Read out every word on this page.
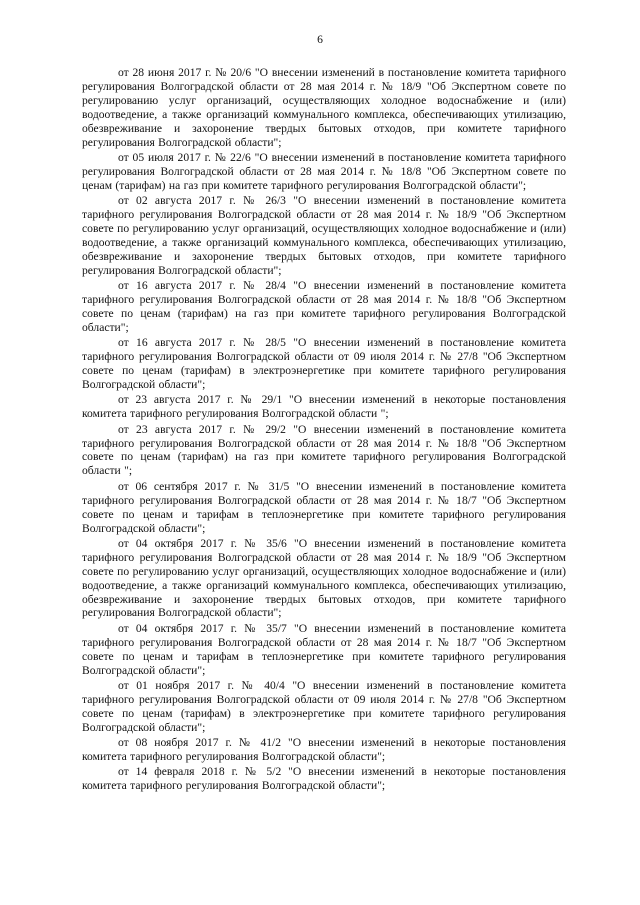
6

от 28 июня 2017 г. № 20/6 "О внесении изменений в постановление комитета тарифного регулирования Волгоградской области от 28 мая 2014 г. № 18/9 "Об Экспертном совете по регулированию услуг организаций, осуществляющих холодное водоснабжение и (или) водоотведение, а также организаций коммунального комплекса, обеспечивающих утилизацию, обезвреживание и захоронение твердых бытовых отходов, при комитете тарифного регулирования Волгоградской области";

от 05 июля 2017 г. № 22/6 "О внесении изменений в постановление комитета тарифного регулирования Волгоградской области от 28 мая 2014 г. № 18/8 "Об Экспертном совете по ценам (тарифам) на газ при комитете тарифного регулирования Волгоградской области";

от 02 августа 2017 г. № 26/3 "О внесении изменений в постановление комитета тарифного регулирования Волгоградской области от 28 мая 2014 г. № 18/9 "Об Экспертном совете по регулированию услуг организаций, осуществляющих холодное водоснабжение и (или) водоотведение, а также организаций коммунального комплекса, обеспечивающих утилизацию, обезвреживание и захоронение твердых бытовых отходов, при комитете тарифного регулирования Волгоградской области";

от 16 августа 2017 г. № 28/4 "О внесении изменений в постановление комитета тарифного регулирования Волгоградской области от 28 мая 2014 г. № 18/8 "Об Экспертном совете по ценам (тарифам) на газ при комитете тарифного регулирования Волгоградской области";

от 16 августа 2017 г. № 28/5 "О внесении изменений в постановление комитета тарифного регулирования Волгоградской области от 09 июля 2014 г. № 27/8 "Об Экспертном совете по ценам (тарифам) в электроэнергетике при комитете тарифного регулирования Волгоградской области";

от 23 августа 2017 г. № 29/1 "О внесении изменений в некоторые постановления комитета тарифного регулирования Волгоградской области ";

от 23 августа 2017 г. № 29/2 "О внесении изменений в постановление комитета тарифного регулирования Волгоградской области от 28 мая 2014 г. № 18/8 "Об Экспертном совете по ценам (тарифам) на газ при комитете тарифного регулирования Волгоградской области ";

от 06 сентября 2017 г. № 31/5 "О внесении изменений в постановление комитета тарифного регулирования Волгоградской области от 28 мая 2014 г. № 18/7 "Об Экспертном совете по ценам и тарифам в теплоэнергетике при комитете тарифного регулирования Волгоградской области";

от 04 октября 2017 г. № 35/6 "О внесении изменений в постановление комитета тарифного регулирования Волгоградской области от 28 мая 2014 г. № 18/9 "Об Экспертном совете по регулированию услуг организаций, осуществляющих холодное водоснабжение и (или) водоотведение, а также организаций коммунального комплекса, обеспечивающих утилизацию, обезвреживание и захоронение твердых бытовых отходов, при комитете тарифного регулирования Волгоградской области";

от 04 октября 2017 г. № 35/7 "О внесении изменений в постановление комитета тарифного регулирования Волгоградской области от 28 мая 2014 г. № 18/7 "Об Экспертном совете по ценам и тарифам в теплоэнергетике при комитете тарифного регулирования Волгоградской области";

от 01 ноября 2017 г. № 40/4 "О внесении изменений в постановление комитета тарифного регулирования Волгоградской области от 09 июля 2014 г. № 27/8 "Об Экспертном совете по ценам (тарифам) в электроэнергетике при комитете тарифного регулирования Волгоградской области";

от 08 ноября 2017 г. № 41/2 "О внесении изменений в некоторые постановления комитета тарифного регулирования Волгоградской области";

от 14 февраля 2018 г. № 5/2 "О внесении изменений в некоторые постановления комитета тарифного регулирования Волгоградской области";
